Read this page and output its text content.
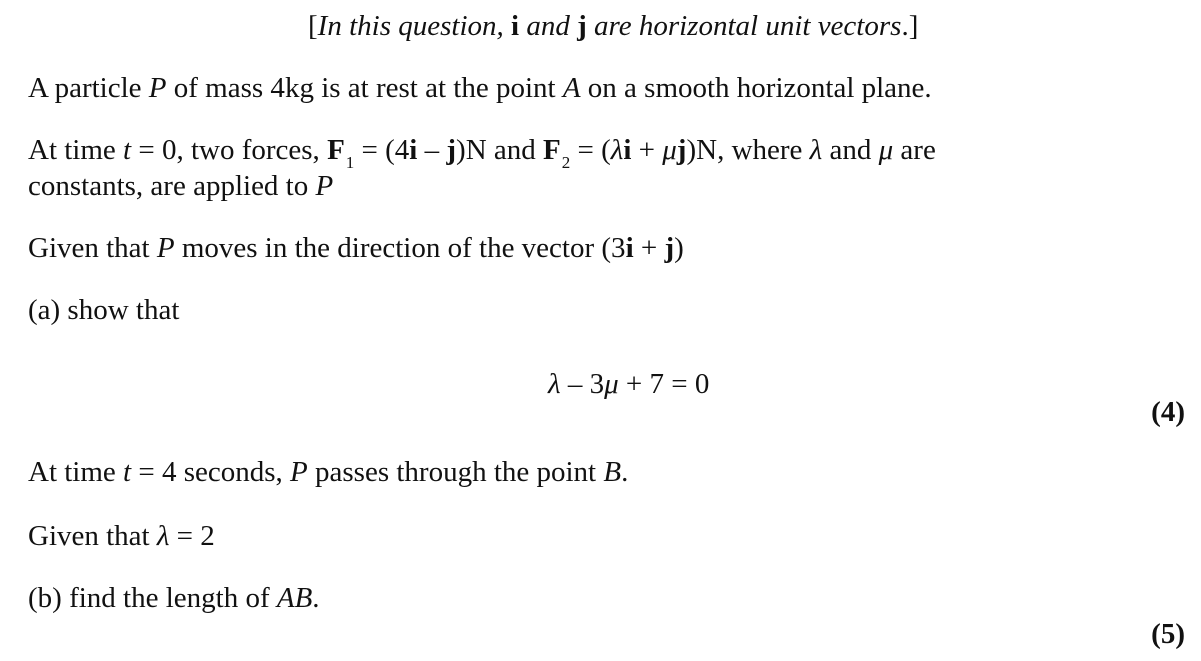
[In this question, i and j are horizontal unit vectors.]
A particle P of mass 4kg is at rest at the point A on a smooth horizontal plane.
At time t = 0, two forces, $F_1 = (4i - j)N$ and $F_2 = (\lambda i + \mu j)N$, where λ and μ are
constants, are applied to P
Given that P moves in the direction of the vector (3i + j)
(a) show that
λ – 3μ + 7 = 0
(4)
At time t = 4 seconds, P passes through the point B.
Given that λ = 2
(b) find the length of AB.
(5)
